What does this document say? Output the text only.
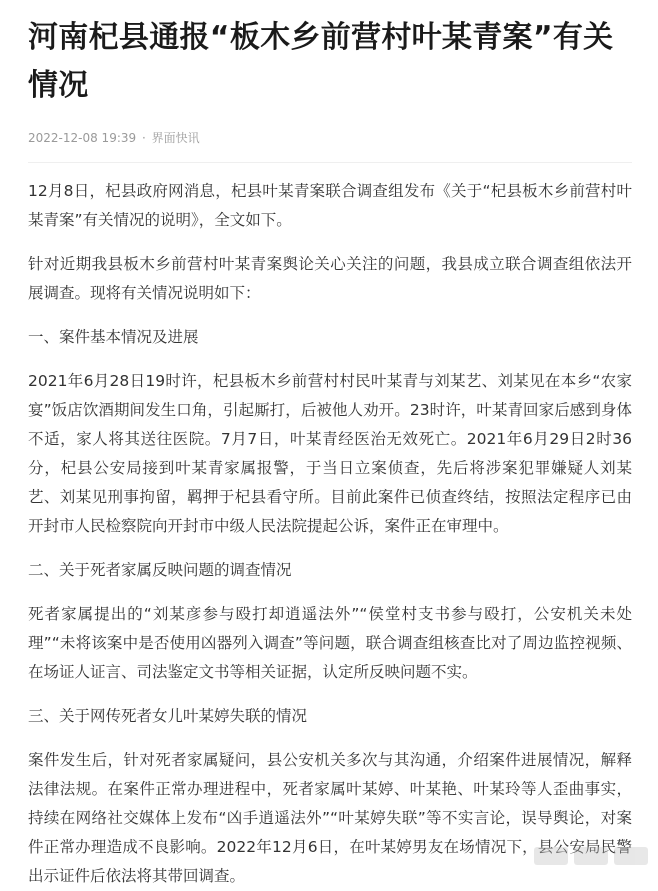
河南杞县通报“板木乡前营村叶某青案”有关情况
2022-12-08 19:39 · 界面快讯

12月8日，杞县政府网消息，杞县叶某青案联合调查组发布《关于“杞县板木乡前营村叶某青案”有关情况的说明》，全文如下。

针对近期我县板木乡前营村叶某青案舆论关心关注的问题，我县成立联合调查组依法开展调查。现将有关情况说明如下：

一、案件基本情况及进展

2021年6月28日19时许，杞县板木乡前营村村民叶某青与刘某艺、刘某见在本乡“农家宴”饭店饮酒期间发生口角，引起厮打，后被他人劝开。23时许，叶某青回家后感到身体不适，家人将其送往医院。7月7日，叶某青经医治无效死亡。2021年6月29日2时36分，杞县公安局接到叶某青家属报警，于当日立案侦查，先后将涉案犯罪嫌疑人刘某艺、刘某见刑事拘留，羁押于杞县看守所。目前此案件已侦查终结，按照法定程序已由开封市人民检察院向开封市中级人民法院提起公诉，案件正在审理中。

二、关于死者家属反映问题的调查情况

死者家属提出的“刘某彦参与殴打却逍遥法外”“侯堂村支书参与殴打，公安机关未处理”“未将该案中是否使用凶器列入调查”等问题，联合调查组核查比对了周边监控视频、在场证人证言、司法鉴定文书等相关证据，认定所反映问题不实。

三、关于网传死者女儿叶某婷失联的情况

案件发生后，针对死者家属疑问，县公安机关多次与其沟通，介绍案件进展情况，解释法律法规。在案件正常办理进程中，死者家属叶某婷、叶某艳、叶某玲等人歪曲事实，持续在网络社交媒体上发布“凶手逍遥法外”“叶某婷失联”等不实言论，误导舆论，对案件正常办理造成不良影响。2022年12月6日，在叶某婷男友在场情况下，县公安局民警出示证件后依法将其带回调查。
